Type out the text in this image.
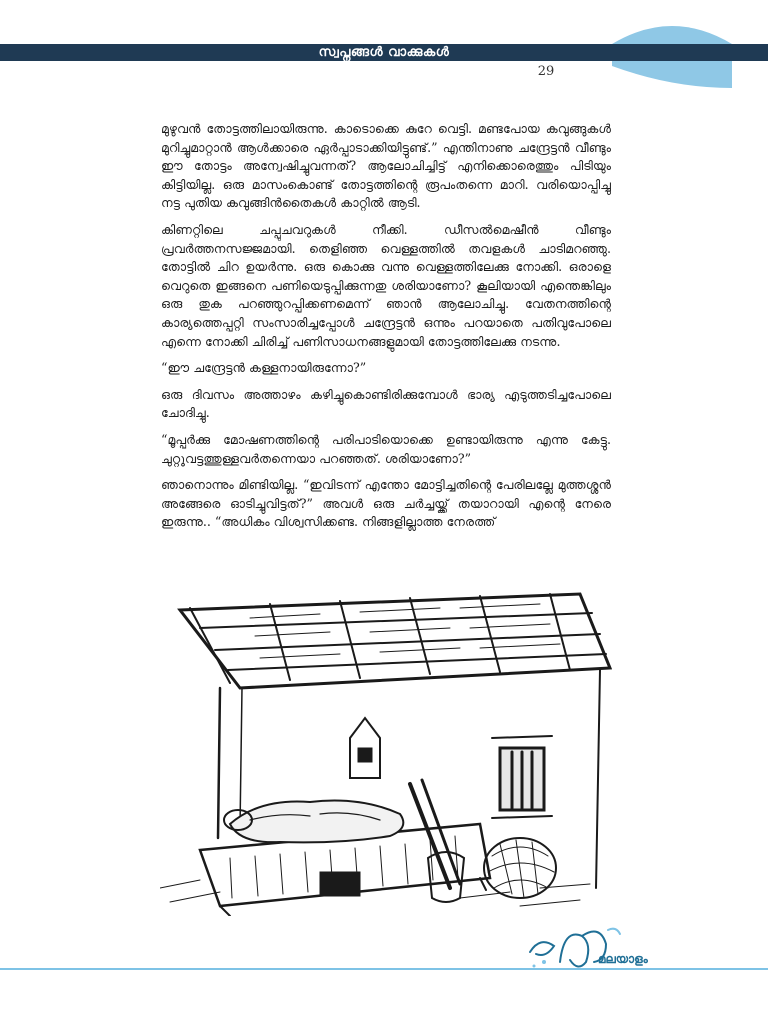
സ്വപ്നങ്ങൾ വാക്കുകൾ
29

മുഴുവൻ തോട്ടത്തിലായിരുന്നു. കാടൊക്കെ കുറേ വെട്ടി. മണ്ടപോയ കവുങ്ങുകൾ മുറിച്ചുമാറ്റാൻ ആൾക്കാരെ ഏർപ്പാടാക്കിയിട്ടുണ്ട്.” എന്തിനാണു ചന്ദ്രേട്ടൻ വീണ്ടും ഈ തോട്ടം അന്വേഷിച്ചുവന്നത്? ആലോചിച്ചിട്ട് എനിക്കൊരെത്തും പിടിയും കിട്ടിയില്ല. ഒരു മാസംകൊണ്ട് തോട്ടത്തിന്റെ രൂപംതന്നെ മാറി. വരിയൊപ്പിച്ചു നട്ട പുതിയ കവുങ്ങിൻതൈകൾ കാറ്റിൽ ആടി.

കിണറ്റിലെ ചപ്പുചവറുകൾ നീക്കി. ഡീസൽമെഷീൻ വീണ്ടും പ്രവർത്തനസജ്ജമായി. തെളിഞ്ഞ വെള്ളത്തിൽ തവളകൾ ചാടിമറഞ്ഞു. തോട്ടിൽ ചിറ ഉയർന്നു. ഒരു കൊക്കു വന്നു വെള്ളത്തിലേക്കു നോക്കി. ഒരാളെ വെറുതെ ഇങ്ങനെ പണിയെടുപ്പിക്കുന്നതു ശരിയാണോ? കൂലിയായി എന്തെങ്കിലും ഒരു തുക പറഞ്ഞുറപ്പിക്കണമെന്ന് ഞാൻ ആലോചിച്ചു. വേതനത്തിന്റെ കാര്യത്തെപ്പറ്റി സംസാരിച്ചപ്പോൾ ചന്ദ്രേട്ടൻ ഒന്നും പറയാതെ പതിവുപോലെ എന്നെ നോക്കി ചിരിച്ച് പണിസാധനങ്ങളുമായി തോട്ടത്തിലേക്കു നടന്നു.

“ഈ ചന്ദ്രേട്ടൻ കള്ളനായിരുന്നോ?”

ഒരു ദിവസം അത്താഴം കഴിച്ചുകൊണ്ടിരിക്കുമ്പോൾ ഭാര്യ എടുത്തടിച്ചപോലെ ചോദിച്ചു.

“മൂപ്പർക്കു മോഷണത്തിന്റെ പരിപാടിയൊക്കെ ഉണ്ടായിരുന്നു എന്നു കേട്ടു. ചുറ്റുവട്ടത്തുള്ളവർതന്നെയാ പറഞ്ഞത്. ശരിയാണോ?”

ഞാനൊന്നും മിണ്ടിയില്ല. “ഇവിടന്ന് എന്തോ മോട്ടിച്ചതിന്റെ പേരിലല്ലേ മുത്തശ്ശൻ അങ്ങേരെ ഓടിച്ചുവിട്ടത്?” അവൾ ഒരു ചർച്ചയ്ക്ക് തയാറായി എന്റെ നേരെ ഇരുന്നു.. “അധികം വിശ്വസിക്കണ്ട. നിങ്ങളില്ലാത്ത നേരത്ത്

മലയാളം
